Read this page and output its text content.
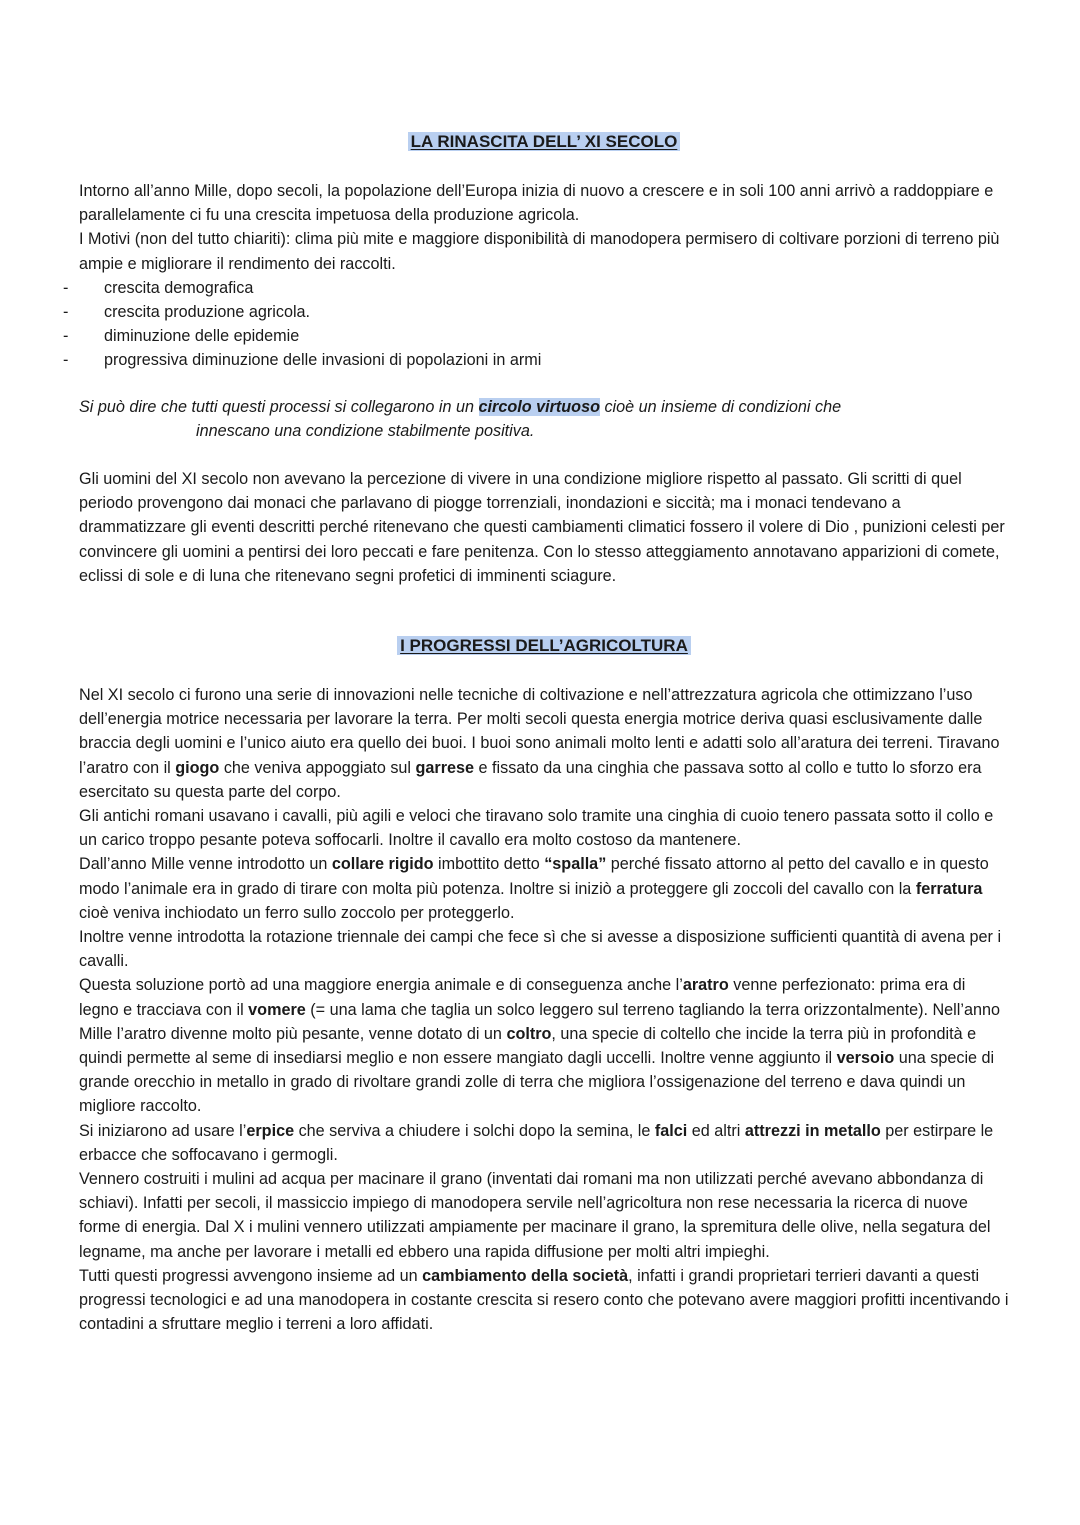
LA RINASCITA DELL’ XI SECOLO

Intorno all’anno Mille, dopo secoli, la popolazione dell’Europa inizia di nuovo a crescere e in soli 100 anni arrivò a raddoppiare e parallelamente ci fu una crescita impetuosa della produzione agricola.

I Motivi (non del tutto chiariti): clima più mite e maggiore disponibilità di manodopera permisero di coltivare porzioni di terreno più ampie e migliorare il rendimento dei raccolti.

- crescita demografica
- crescita produzione agricola.
- diminuzione delle epidemie
- progressiva diminuzione delle invasioni di popolazioni in armi

Si può dire che tutti questi processi si collegarono in un circolo virtuoso cioè un insieme di condizioni che

innescano una condizione stabilmente positiva.

Gli uomini del XI secolo non avevano la percezione di vivere in una condizione migliore rispetto al passato. Gli scritti di quel periodo provengono dai monaci che parlavano di piogge torrenziali, inondazioni e siccità; ma i monaci tendevano a drammatizzare gli eventi descritti perché ritenevano che questi cambiamenti climatici fossero il volere di Dio , punizioni celesti per convincere gli uomini a pentirsi dei loro peccati e fare penitenza. Con lo stesso atteggiamento annotavano apparizioni di comete, eclissi di sole e di luna che ritenevano segni profetici di imminenti sciagure.

I PROGRESSI DELL’AGRICOLTURA

Nel XI secolo ci furono una serie di innovazioni nelle tecniche di coltivazione e nell’attrezzatura agricola che ottimizzano l’uso dell’energia motrice necessaria per lavorare la terra. Per molti secoli questa energia motrice deriva quasi esclusivamente dalle braccia degli uomini e l’unico aiuto era quello dei buoi. I buoi sono animali molto lenti e adatti solo all’aratura dei terreni. Tiravano l’aratro con il giogo che veniva appoggiato sul garrese e fissato da una cinghia che passava sotto al collo e tutto lo sforzo era esercitato su questa parte del corpo.

Gli antichi romani usavano i cavalli, più agili e veloci che tiravano solo tramite una cinghia di cuoio tenero passata sotto il collo e un carico troppo pesante poteva soffocarli. Inoltre il cavallo era molto costoso da mantenere.

Dall’anno Mille venne introdotto un collare rigido imbottito detto “spalla” perché fissato attorno al petto del cavallo e in questo modo l’animale era in grado di tirare con molta più potenza. Inoltre si iniziò a proteggere gli zoccoli del cavallo con la ferratura cioè veniva inchiodato un ferro sullo zoccolo per proteggerlo.

Inoltre venne introdotta la rotazione triennale dei campi che fece sì che si avesse a disposizione sufficienti quantità di avena per i cavalli.

Questa soluzione portò ad una maggiore energia animale e di conseguenza anche l’aratro venne perfezionato: prima era di legno e tracciava con il vomere (= una lama che taglia un solco leggero sul terreno tagliando la terra orizzontalmente). Nell’anno Mille l’aratro divenne molto più pesante, venne dotato di un coltro, una specie di coltello che incide la terra più in profondità e quindi permette al seme di insediarsi meglio e non essere mangiato dagli uccelli. Inoltre venne aggiunto il versoio una specie di grande orecchio in metallo in grado di rivoltare grandi zolle di terra che migliora l’ossigenazione del terreno e dava quindi un migliore raccolto.

Si iniziarono ad usare l’erpice che serviva a chiudere i solchi dopo la semina, le falci ed altri attrezzi in metallo per estirpare le erbacce che soffocavano i germogli.

Vennero costruiti i mulini ad acqua per macinare il grano (inventati dai romani ma non utilizzati perché avevano abbondanza di schiavi). Infatti per secoli, il massiccio impiego di manodopera servile nell’agricoltura non rese necessaria la ricerca di nuove forme di energia. Dal X i mulini vennero utilizzati ampiamente per macinare il grano, la spremitura delle olive, nella segatura del legname, ma anche per lavorare i metalli ed ebbero una rapida diffusione per molti altri impieghi.

Tutti questi progressi avvengono insieme ad un cambiamento della società, infatti i grandi proprietari terrieri davanti a questi progressi tecnologici e ad una manodopera in costante crescita si resero conto che potevano avere maggiori profitti incentivando i contadini a sfruttare meglio i terreni a loro affidati.
